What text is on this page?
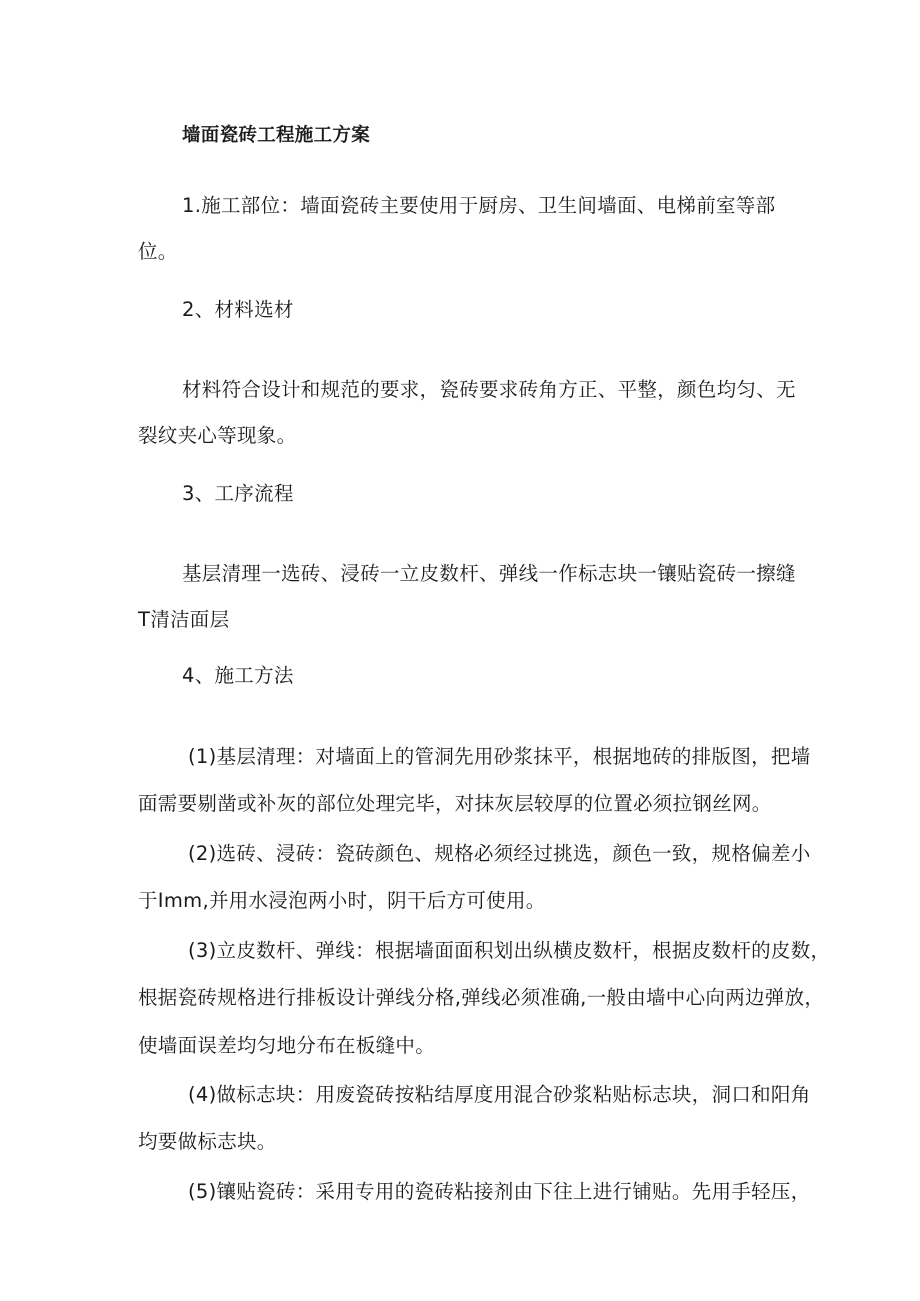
墙面瓷砖工程施工方案
1.施工部位：墙面瓷砖主要使用于厨房、卫生间墙面、电梯前室等部
位。
2、材料选材
材料符合设计和规范的要求，瓷砖要求砖角方正、平整，颜色均匀、无
裂纹夹心等现象。
3、工序流程
基层清理一选砖、浸砖一立皮数杆、弹线一作标志块一镶贴瓷砖一擦缝
T清洁面层
4、施工方法
(1)基层清理：对墙面上的管洞先用砂浆抹平，根据地砖的排版图，把墙
面需要剔凿或补灰的部位处理完毕，对抹灰层较厚的位置必须拉钢丝网。
(2)选砖、浸砖：瓷砖颜色、规格必须经过挑选，颜色一致，规格偏差小
于Imm,并用水浸泡两小时，阴干后方可使用。
(3)立皮数杆、弹线：根据墙面面积划出纵横皮数杆，根据皮数杆的皮数，
根据瓷砖规格进行排板设计弹线分格,弹线必须准确,一般由墙中心向两边弹放，
使墙面误差均匀地分布在板缝中。
(4)做标志块：用废瓷砖按粘结厚度用混合砂浆粘贴标志块，洞口和阳角
均要做标志块。
(5)镶贴瓷砖：采用专用的瓷砖粘接剂由下往上进行铺贴。先用手轻压，
